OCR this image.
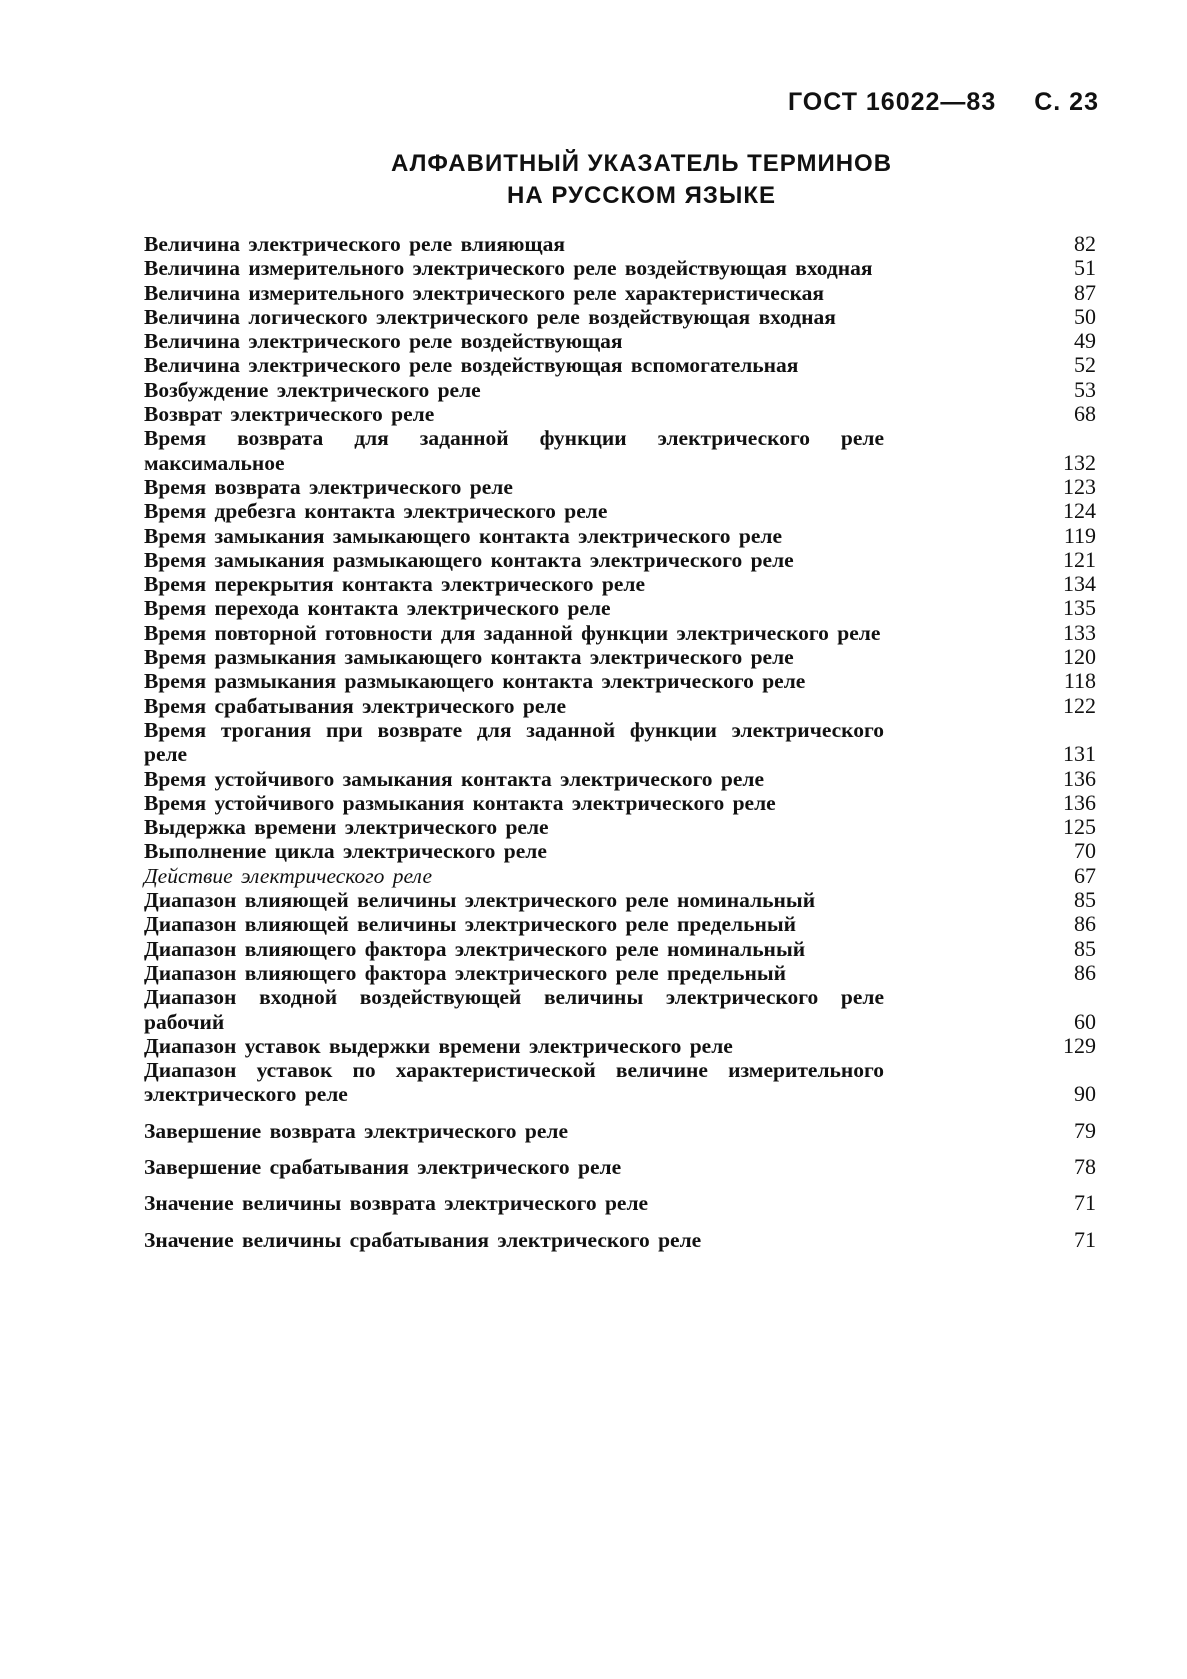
ГОСТ 16022—83 С. 23
АЛФАВИТНЫЙ УКАЗАТЕЛЬ ТЕРМИНОВ
НА РУССКОМ ЯЗЫКЕ
Величина электрического реле влияющая	82
Величина измерительного электрического реле воздействующая входная	51
Величина измерительного электрического реле характеристическая	87
Величина логического электрического реле воздействующая входная	50
Величина электрического реле воздействующая	49
Величина электрического реле воздействующая вспомогательная	52
Возбуждение электрического реле	53
Возврат электрического реле	68
Время возврата для заданной функции электрического реле максимальное	132
Время возврата электрического реле	123
Время дребезга контакта электрического реле	124
Время замыкания замыкающего контакта электрического реле	119
Время замыкания размыкающего контакта электрического реле	121
Время перекрытия контакта электрического реле	134
Время перехода контакта электрического реле	135
Время повторной готовности для заданной функции электрического реле	133
Время размыкания замыкающего контакта электрического реле	120
Время размыкания размыкающего контакта электрического реле	118
Время срабатывания электрического реле	122
Время трогания при возврате для заданной функции электрического реле	131
Время устойчивого замыкания контакта электрического реле	136
Время устойчивого размыкания контакта электрического реле	136
Выдержка времени электрического реле	125
Выполнение цикла электрического реле	70
Действие электрического реле	67
Диапазон влияющей величины электрического реле номинальный	85
Диапазон влияющей величины электрического реле предельный	86
Диапазон влияющего фактора электрического реле номинальный	85
Диапазон влияющего фактора электрического реле предельный	86
Диапазон входной воздействующей величины электрического реле рабочий	60
Диапазон уставок выдержки времени электрического реле	129
Диапазон уставок по характеристической величине измерительного электрического реле	90
Завершение возврата электрического реле	79
Завершение срабатывания электрического реле	78
Значение величины возврата электрического реле	71
Значение величины срабатывания электрического реле	71
